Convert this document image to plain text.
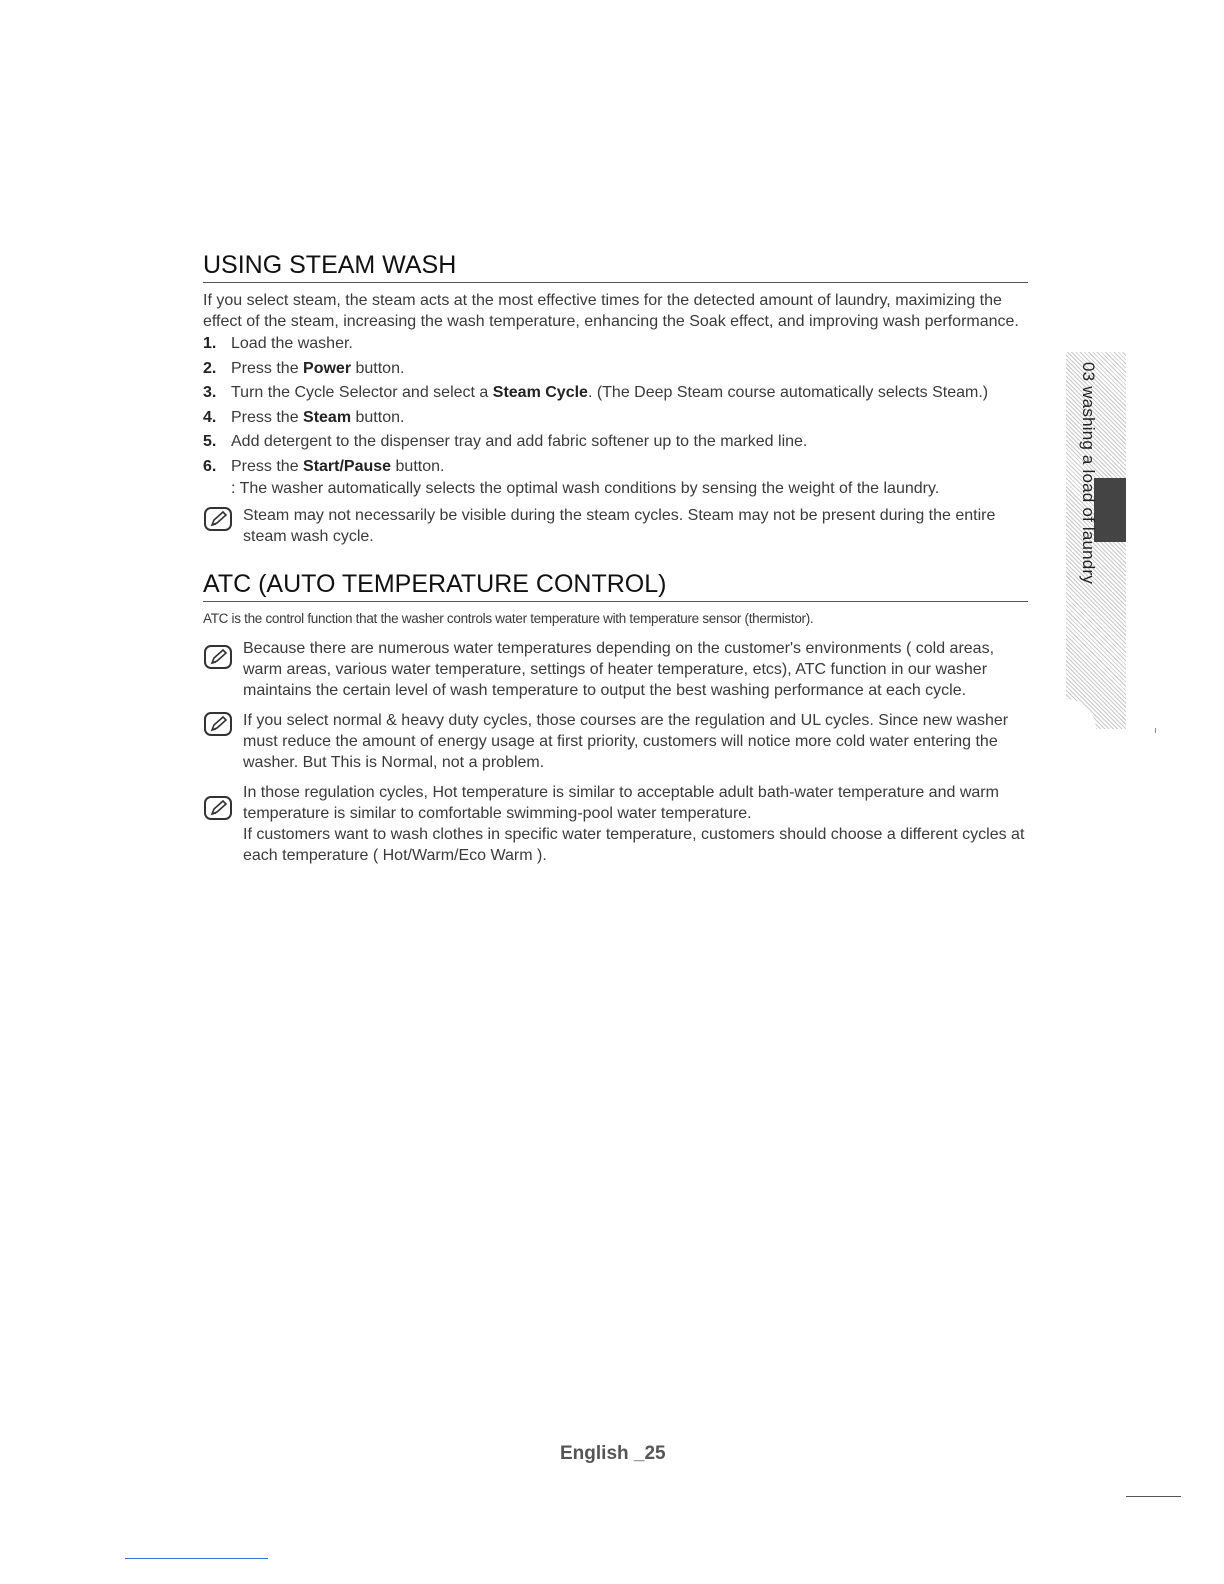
USING STEAM WASH

If you select steam, the steam acts at the most effective times for the detected amount of laundry, maximizing the effect of the steam, increasing the wash temperature, enhancing the Soak effect, and improving wash performance.

1. Load the washer.
2. Press the Power button.
3. Turn the Cycle Selector and select a Steam Cycle. (The Deep Steam course automatically selects Steam.)
4. Press the Steam button.
5. Add detergent to the dispenser tray and add fabric softener up to the marked line.
6. Press the Start/Pause button.
: The washer automatically selects the optimal wash conditions by sensing the weight of the laundry.

Steam may not necessarily be visible during the steam cycles. Steam may not be present during the entire steam wash cycle.

ATC (AUTO TEMPERATURE CONTROL)

ATC is the control function that the washer controls water temperature with temperature sensor (thermistor).

Because there are numerous water temperatures depending on the customer's environments ( cold areas, warm areas, various water temperature, settings of heater temperature, etcs), ATC function in our washer maintains the certain level of wash temperature to output the best washing performance at each cycle.

If you select normal & heavy duty cycles, those courses are the regulation and UL cycles. Since new washer must reduce the amount of energy usage at first priority, customers will notice more cold water entering the washer. But This is Normal, not a problem.

In those regulation cycles, Hot temperature is similar to acceptable adult bath-water temperature and warm temperature is similar to comfortable swimming-pool water temperature.

If customers want to wash clothes in specific water temperature, customers should choose a different cycles at each temperature ( Hot/Warm/Eco Warm ).

03 washing a load of laundry
English _25
